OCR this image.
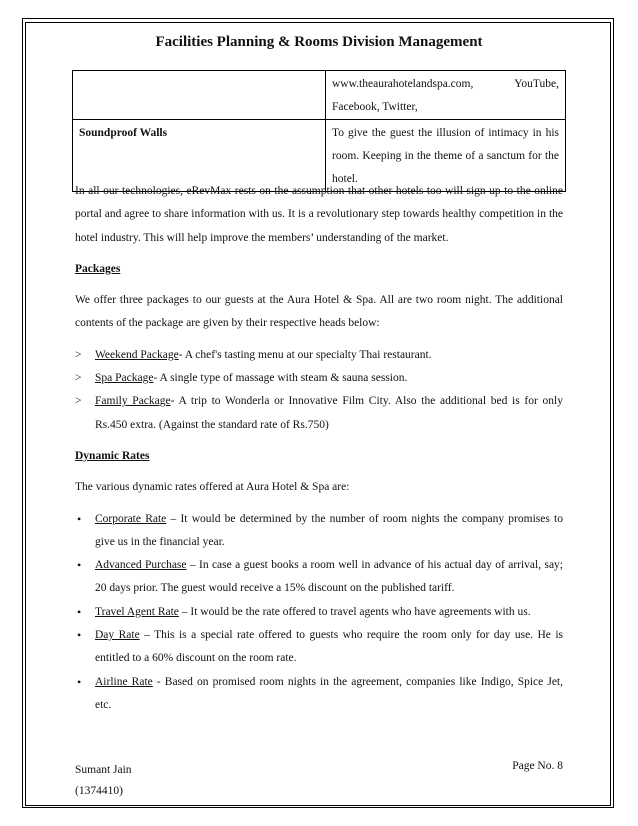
Facilities Planning & Rooms Division Management
	www.theaurahotelandspa.com, YouTube, Facebook, Twitter,
Soundproof Walls	To give the guest the illusion of intimacy in his room. Keeping in the theme of a sanctum for the hotel.

In all our technologies, eRevMax rests on the assumption that other hotels too will sign up to the online portal and agree to share information with us. It is a revolutionary step towards healthy competition in the hotel industry. This will help improve the members’ understanding of the market.

Packages

We offer three packages to our guests at the Aura Hotel & Spa. All are two room night. The additional contents of the package are given by their respective heads below:

> Weekend Package- A chef's tasting menu at our specialty Thai restaurant.
> Spa Package- A single type of massage with steam & sauna session.
> Family Package- A trip to Wonderla or Innovative Film City. Also the additional bed is for only Rs.450 extra. (Against the standard rate of Rs.750)

Dynamic Rates

The various dynamic rates offered at Aura Hotel & Spa are:

• Corporate Rate – It would be determined by the number of room nights the company promises to give us in the financial year.
• Advanced Purchase – In case a guest books a room well in advance of his actual day of arrival, say; 20 days prior. The guest would receive a 15% discount on the published tariff.
• Travel Agent Rate – It would be the rate offered to travel agents who have agreements with us.
• Day Rate – This is a special rate offered to guests who require the room only for day use. He is entitled to a 60% discount on the room rate.
• Airline Rate - Based on promised room nights in the agreement, companies like Indigo, Spice Jet, etc.
Sumant Jain
(1374410)
Page No. 8
